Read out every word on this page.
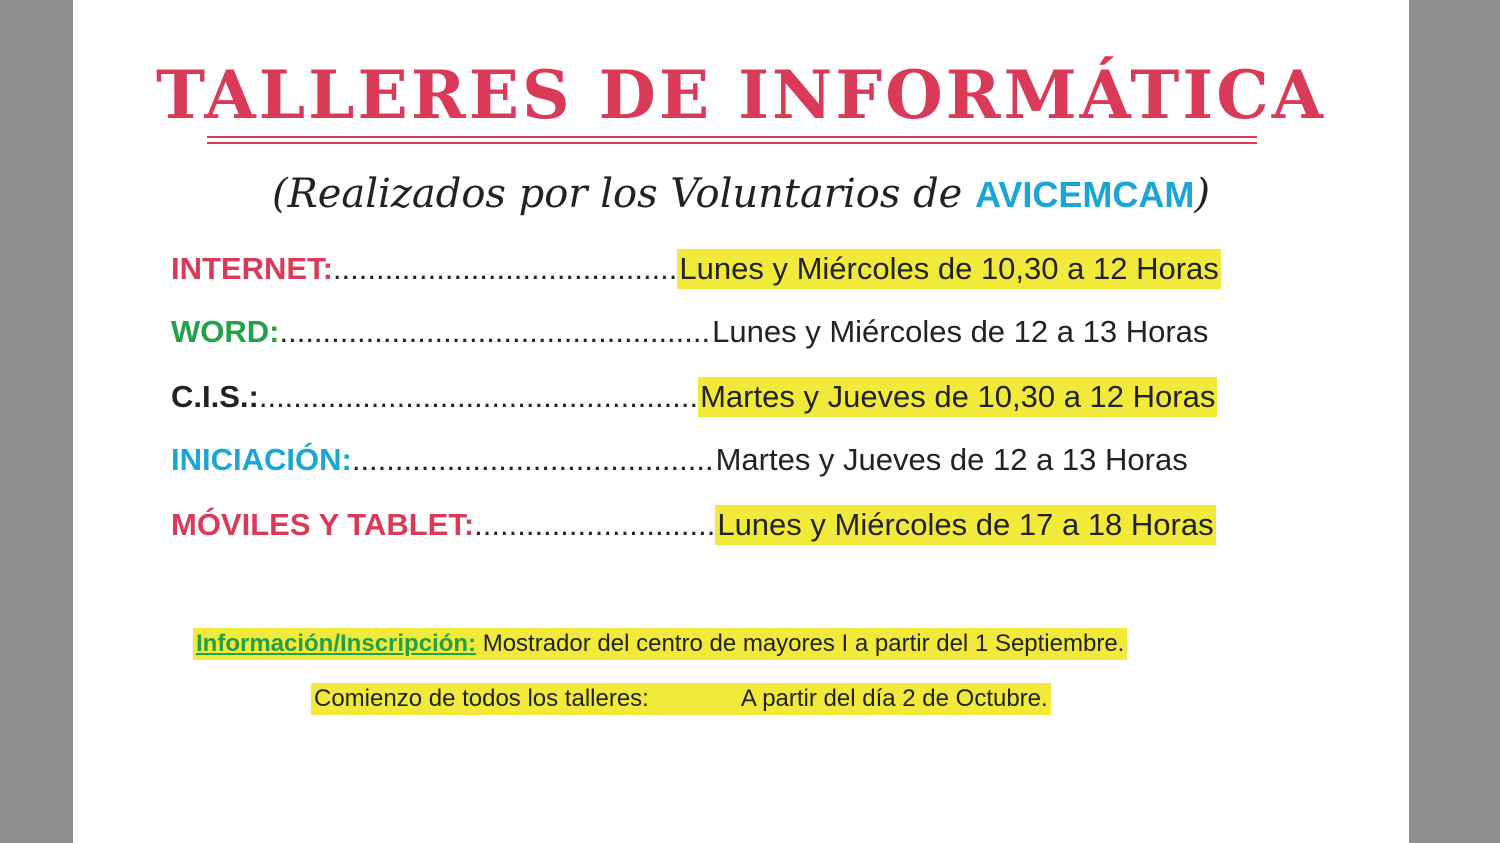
TALLERES DE INFORMÁTICA
(Realizados por los Voluntarios de AVICEMCAM)
INTERNET: ........................................ Lunes y Miércoles de 10,30 a 12 Horas
WORD: .................................................. Lunes y Miércoles de 12 a 13 Horas
C.I.S.: ................................................... Martes y Jueves de 10,30 a 12 Horas
INICIACIÓN: .......................................... Martes y Jueves de 12 a 13 Horas
MÓVILES Y TABLET: ............................ Lunes y Miércoles de 17 a 18 Horas
Información/Inscripción: Mostrador del centro de mayores I a partir del 1 Septiembre.
Comienzo de todos los talleres:	A partir del día 2 de Octubre.
